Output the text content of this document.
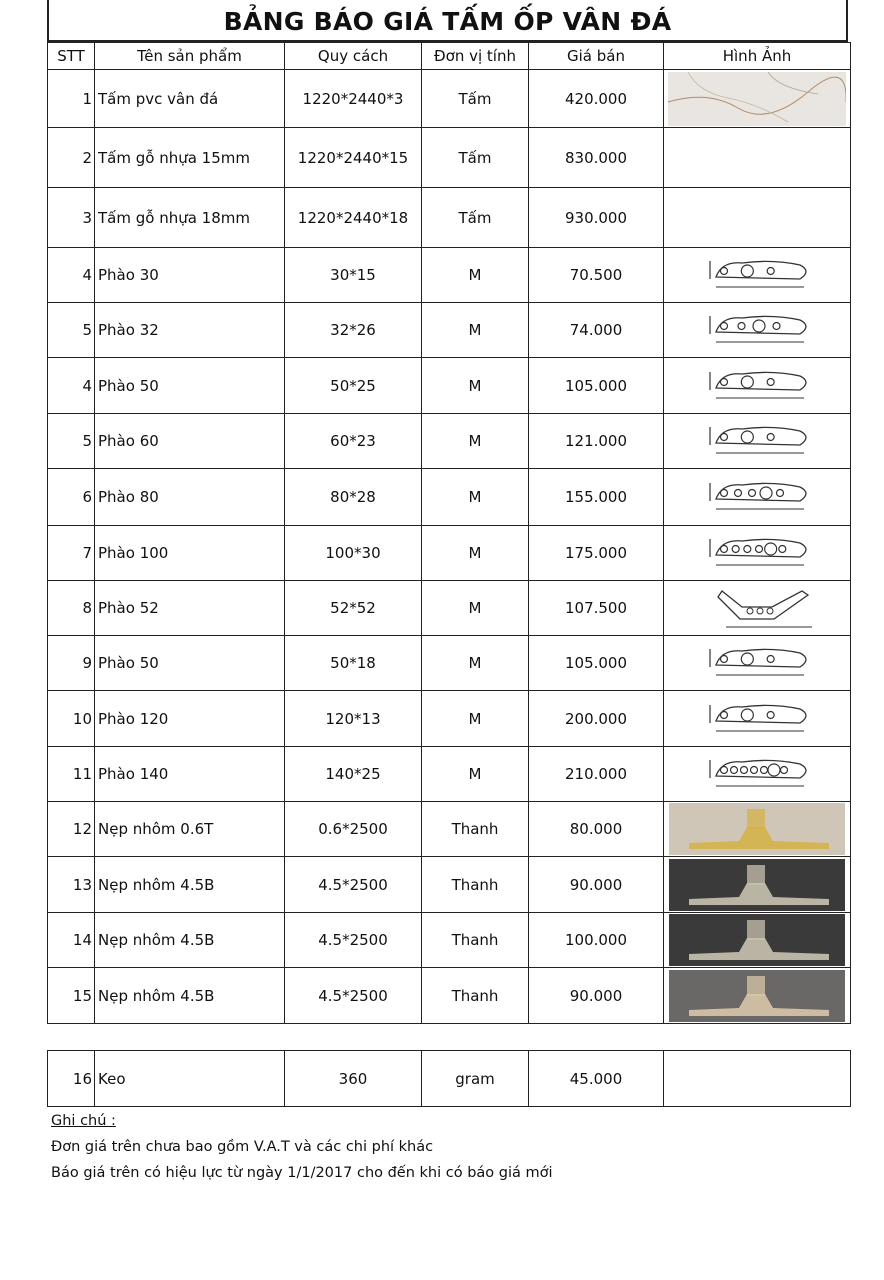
BẢNG BÁO GIÁ TẤM ỐP VÂN ĐÁ
STT	Tên sản phẩm	Quy cách	Đơn vị tính	Giá bán	Hình Ảnh
1	Tấm pvc vân đá	1220*2440*3	Tấm	420.000	

2	Tấm gỗ nhựa 15mm	1220*2440*15	Tấm	830.000	
3	Tấm gỗ nhựa 18mm	1220*2440*18	Tấm	930.000	
4	Phào 30	30*15	M	70.500	

5	Phào 32	32*26	M	74.000	

4	Phào 50	50*25	M	105.000	

5	Phào 60	60*23	M	121.000	

6	Phào 80	80*28	M	155.000	

7	Phào 100	100*30	M	175.000	

8	Phào 52	52*52	M	107.500	

9	Phào 50	50*18	M	105.000	

10	Phào 120	120*13	M	200.000	

11	Phào 140	140*25	M	210.000	

12	Nẹp nhôm 0.6T	0.6*2500	Thanh	80.000	

13	Nẹp nhôm 4.5B	4.5*2500	Thanh	90.000	

14	Nẹp nhôm 4.5B	4.5*2500	Thanh	100.000	

15	Nẹp nhôm 4.5B	4.5*2500	Thanh	90.000	
16	Keo	360	gram	45.000	
Ghi chú :
Đơn giá trên chưa bao gồm V.A.T và các chi phí khác
Báo giá trên có hiệu lực từ ngày 1/1/2017 cho đến khi có báo giá mới
